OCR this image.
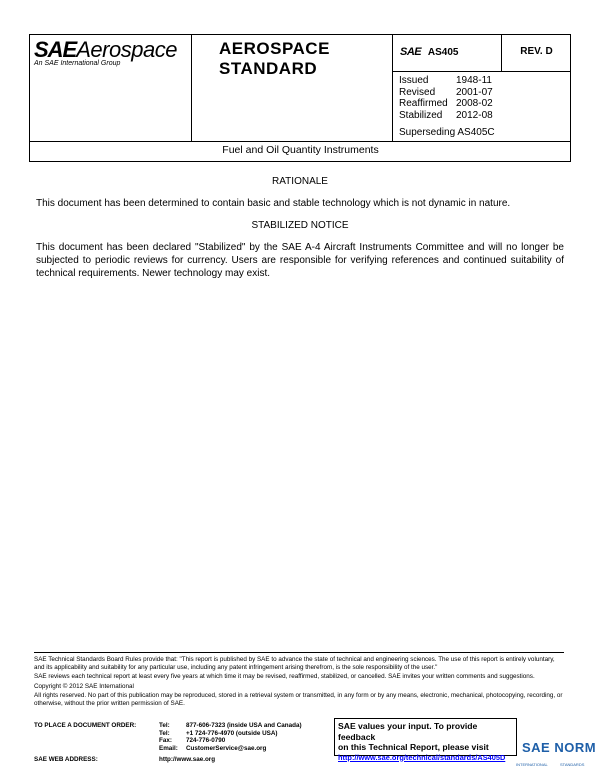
SAEAerospace
An SAE International Group
AEROSPACE
STANDARD
SAE AS405	REV. D
Issued	1948-11
Revised	2001-07
Reaffirmed	2008-02
Stabilized	2012-08
Superseding AS405C
Fuel and Oil Quantity Instruments
RATIONALE
This document has been determined to contain basic and stable technology which is not dynamic in nature.
STABILIZED NOTICE
This document has been declared "Stabilized" by the SAE A-4 Aircraft Instruments Committee and will no longer be subjected to periodic reviews for currency. Users are responsible for verifying references and continued suitability of technical requirements. Newer technology may exist.
SAE Technical Standards Board Rules provide that: "This report is published by SAE to advance the state of technical and engineering sciences. The use of this report is entirely voluntary, and its applicability and suitability for any particular use, including any patent infringement arising therefrom, is the sole responsibility of the user."
SAE reviews each technical report at least every five years at which time it may be revised, reaffirmed, stabilized, or cancelled. SAE invites your written comments and suggestions.
Copyright © 2012 SAE International
All rights reserved. No part of this publication may be reproduced, stored in a retrieval system or transmitted, in any form or by any means, electronic, mechanical, photocopying, recording, or otherwise, without the prior written permission of SAE.
TO PLACE A DOCUMENT ORDER:	Tel:	877-606-7323 (inside USA and Canada)
Tel:	+1 724-776-4970 (outside USA)
Fax: 724-776-0790
Email: CustomerService@sae.org
SAE WEB ADDRESS:	http://www.sae.org
SAE values your input. To provide feedback
on this Technical Report, please visit
http://www.sae.org/technical/standards/AS405D
SAE NORM
INTERNATIONAL	STANDARDS
